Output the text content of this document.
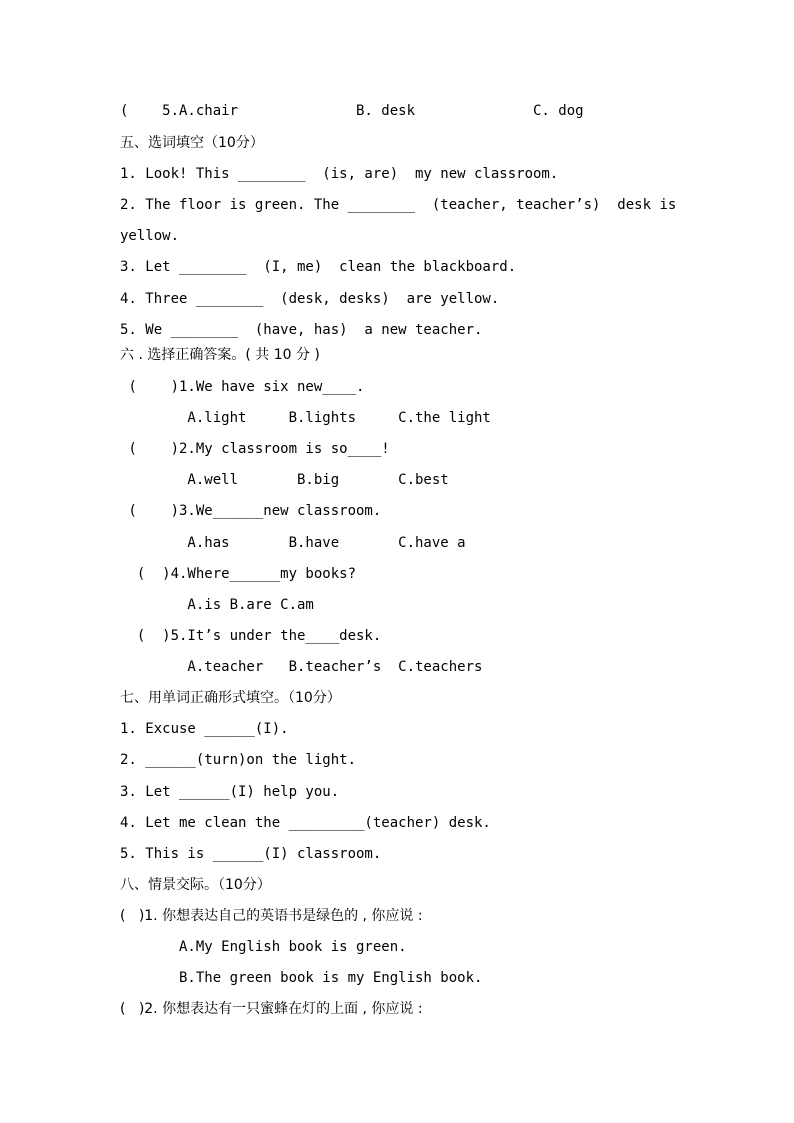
(    5.A.chair              B. desk              C. dog
五、选词填空（10分）
1. Look! This ________  (is, are)  my new classroom.
2. The floor is green. The ________  (teacher, teacher’s)  desk is
yellow.
3. Let ________  (I, me)  clean the blackboard.
4. Three ________  (desk, desks)  are yellow.
5. We ________  (have, has)  a new teacher.
六 . 选择正确答案。( 共 10 分 )
(    )1.We have six new____.
A.light     B.lights     C.the light
(    )2.My classroom is so____!
A.well       B.big       C.best
(    )3.We______new classroom.
A.has       B.have       C.have a
(  )4.Where______my books?
A.is B.are C.am
(  )5.It’s under the____desk.
A.teacher   B.teacher’s  C.teachers
七、用单词正确形式填空。（10分）
1. Excuse ______(I).
2. ______(turn)on the light.
3. Let ______(I) help you.
4. Let me clean the _________(teacher) desk.
5. This is ______(I) classroom.
八、情景交际。（10分）
(   )1. 你想表达自己的英语书是绿色的 , 你应说 :
A.My English book is green.
B.The green book is my English book.
(   )2. 你想表达有一只蜜蜂在灯的上面 , 你应说 :
